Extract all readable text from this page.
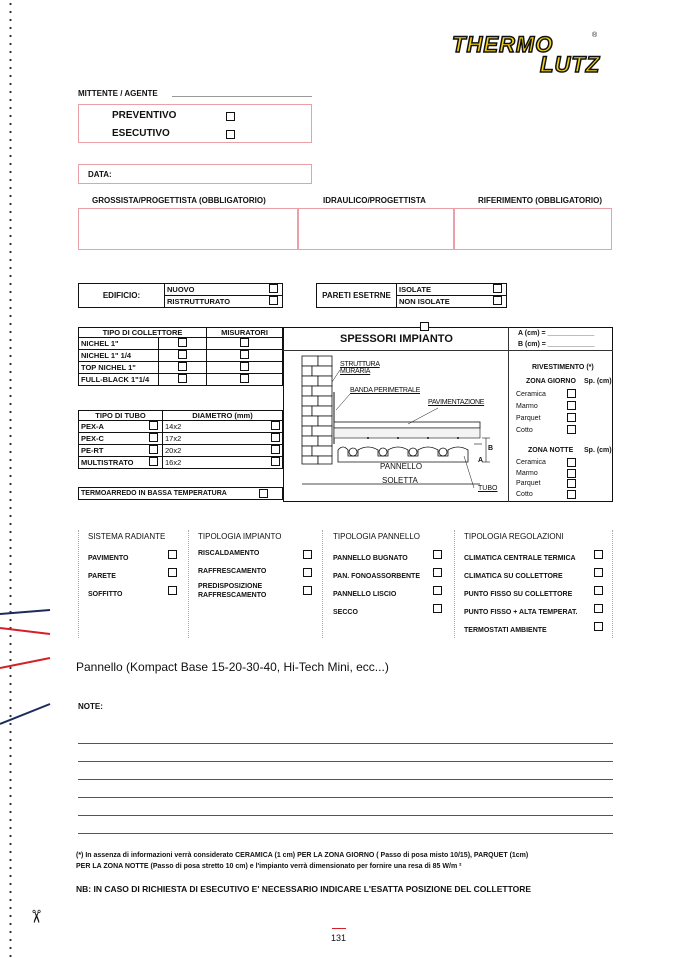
✂
THERMO	®
LUTZ
MITTENTE / AGENTE
PREVENTIVO
ESECUTIVO
DATA:
GROSSISTA/PROGETTISTA (OBBLIGATORIO)	IDRAULICO/PROGETTISTA	RIFERIMENTO (OBBLIGATORIO)
EDIFICIO:	NUOVO	
	RISTRUTTURATO	
PARETI ESETRNE	ISOLATE	
	NON ISOLATE	
TIPO DI COLLETTORE		MISURATORI
NICHEL 1"		
NICHEL 1" 1/4		
TOP NICHEL 1"		
FULL-BLACK 1"1/4		
TIPO DI TUBO		DIAMETRO (mm)	
PEX-A		14x2	
PEX-C		17x2	
PE-RT		20x2	
MULTISTRATO		16x2	
TERMOARREDO IN BASSA TEMPERATURA
SPESSORI IMPIANTO	A (cm) = ____________
B (cm) = ____________
STRUTTURA MURARIA
BANDA PERIMETRALE
PAVIMENTAZIONE
PANNELLO
SOLETTA
TUBO
B
A
RIVESTIMENTO (*)
ZONA GIORNO Sp. (cm)
Ceramica
Marmo
Parquet
Cotto
ZONA NOTTE Sp. (cm)
Ceramica
Marmo
Parquet
Cotto
SISTEMA RADIANTE
PAVIMENTO
PARETE
SOFFITTO
TIPOLOGIA IMPIANTO
RISCALDAMENTO
RAFFRESCAMENTO
PREDISPOSIZIONE RAFFRESCAMENTO
TIPOLOGIA PANNELLO
PANNELLO BUGNATO
PAN. FONOASSORBENTE
PANNELLO LISCIO
SECCO
TIPOLOGIA REGOLAZIONI
CLIMATICA CENTRALE TERMICA
CLIMATICA SU COLLETTORE
PUNTO FISSO SU COLLETTORE
PUNTO FISSO + ALTA TEMPERAT.
TERMOSTATI AMBIENTE
Pannello (Kompact Base 15-20-30-40, Hi-Tech Mini, ecc...)
NOTE:
(*) In assenza di informazioni verrà considerato CERAMICA (1 cm) PER LA ZONA GIORNO ( Passo di posa misto 10/15), PARQUET (1cm)
PER LA ZONA NOTTE (Passo di posa stretto 10 cm) e l'impianto verrà dimensionato per fornire una resa di 85 W/m ²
NB: IN CASO DI RICHIESTA DI ESECUTIVO E' NECESSARIO INDICARE L'ESATTA POSIZIONE DEL COLLETTORE
131
